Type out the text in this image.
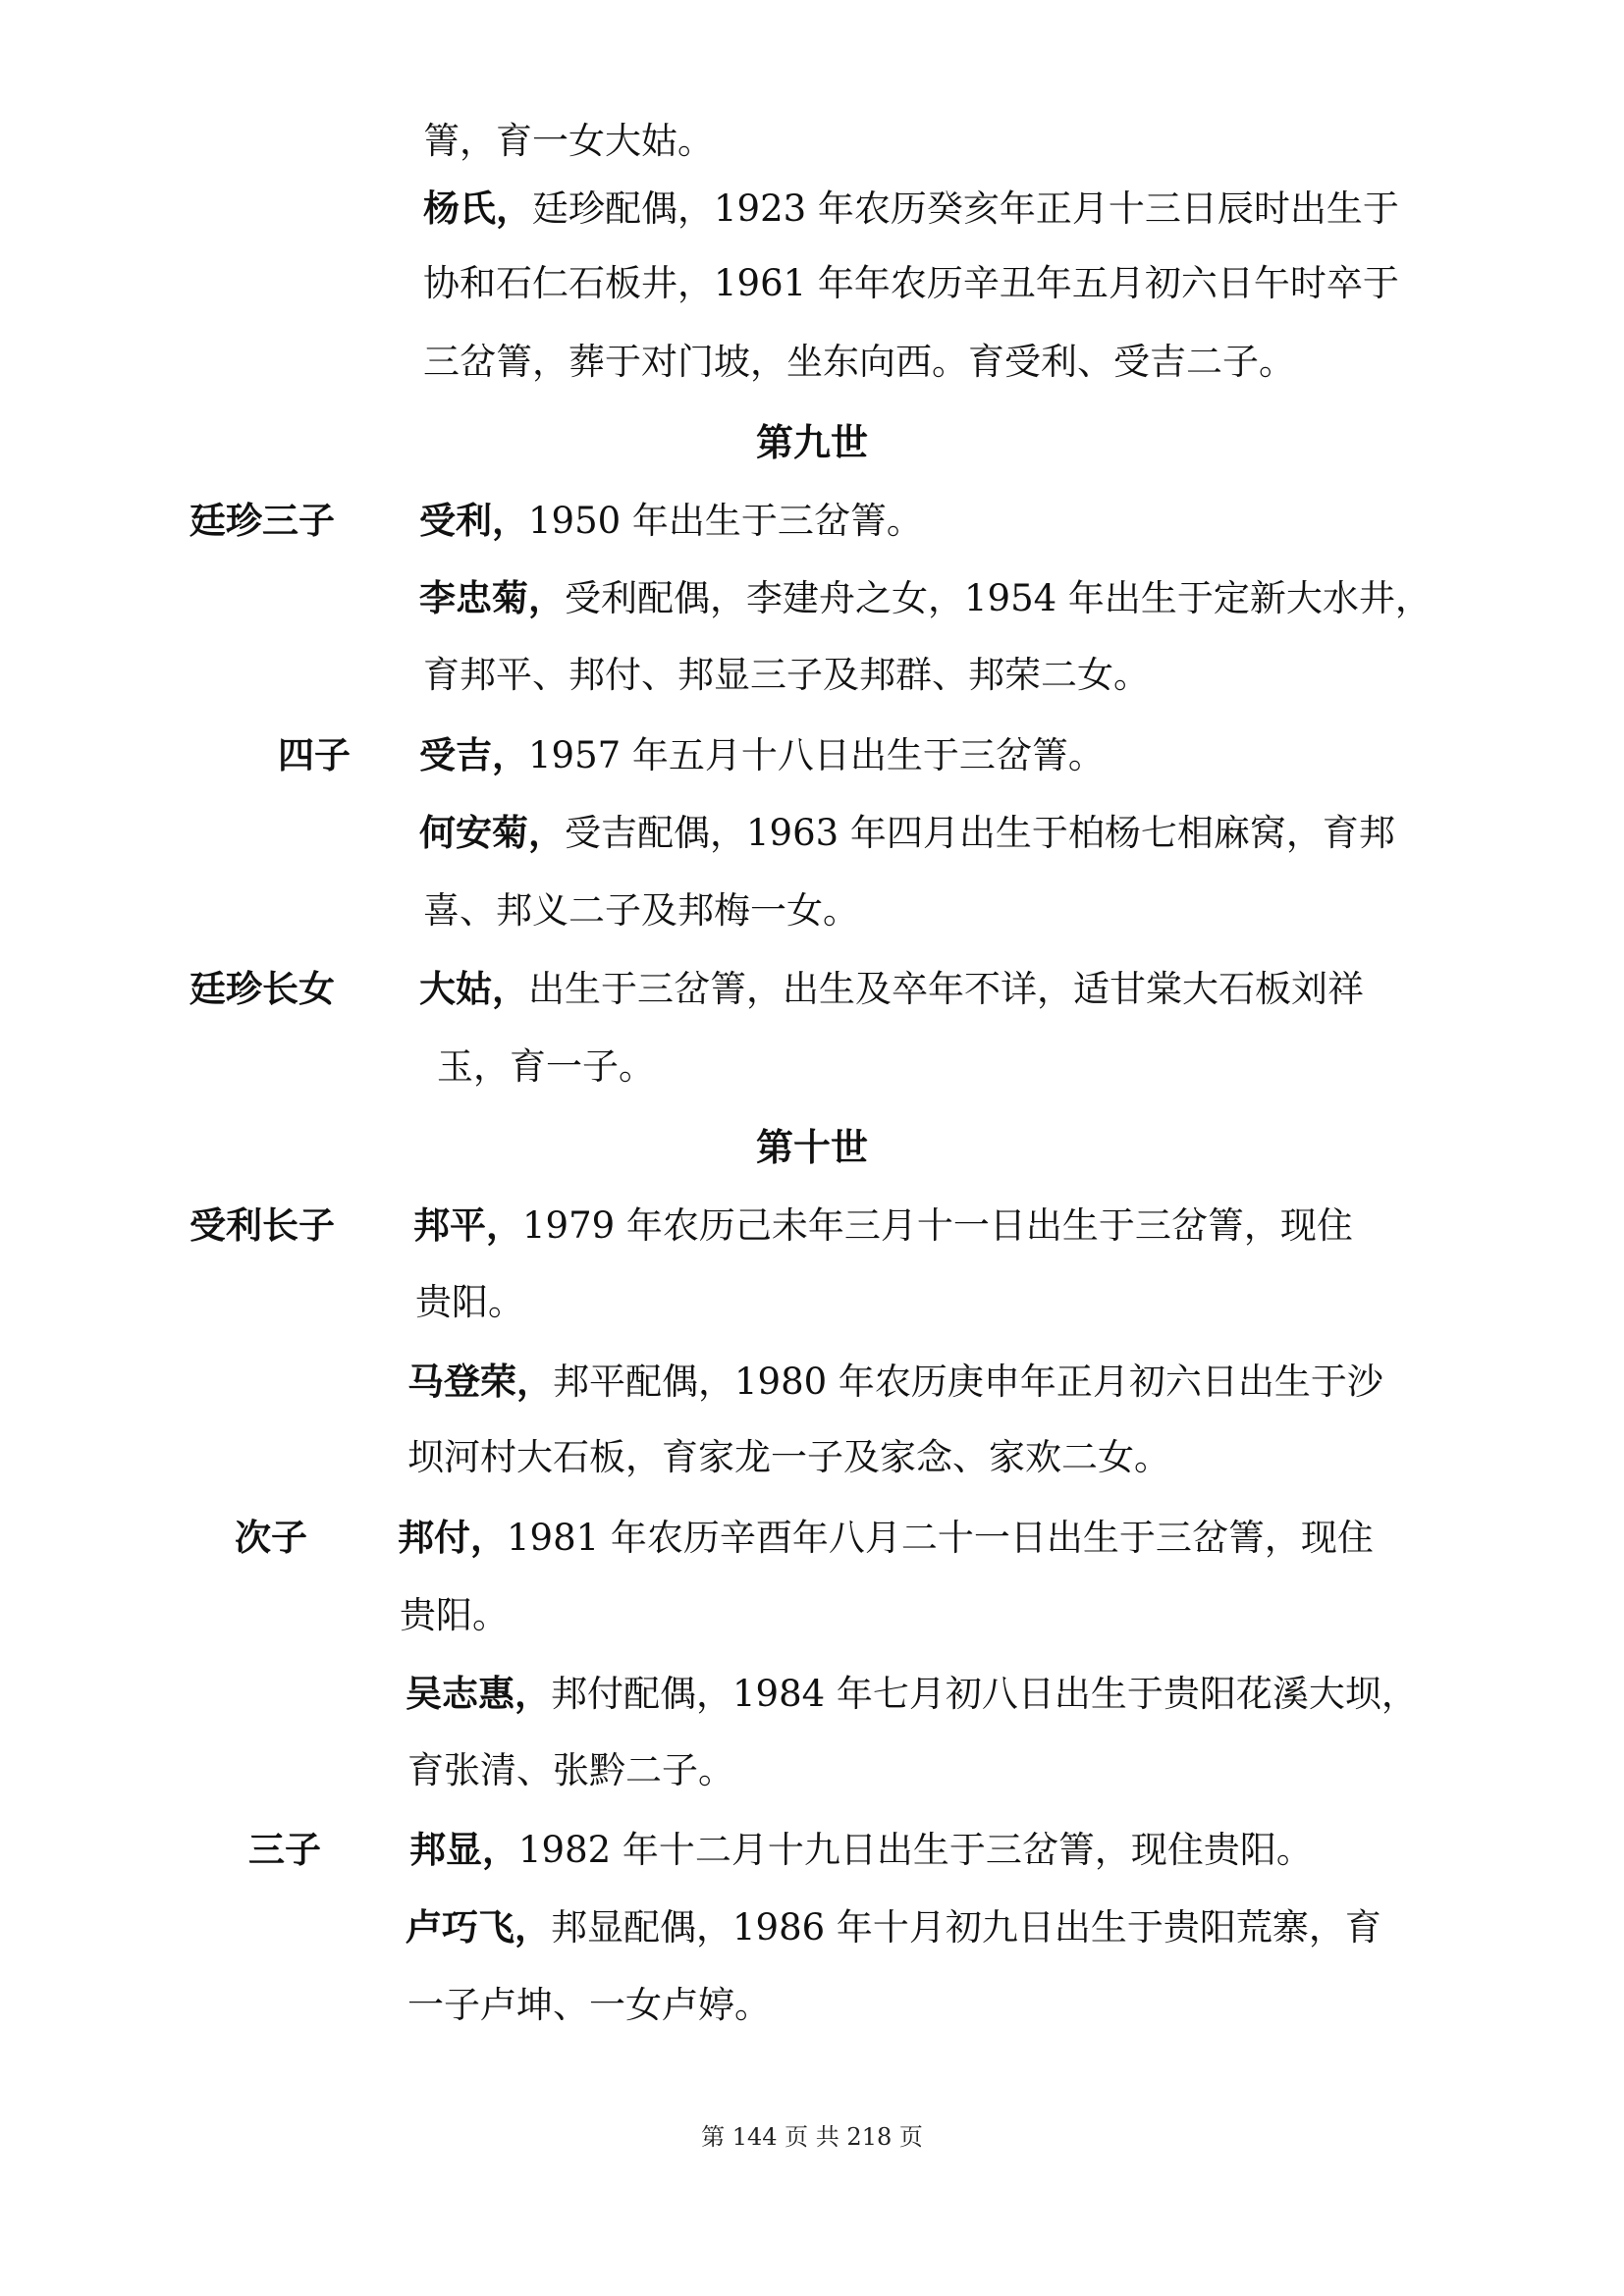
箐，育一女大姑。
杨氏，廷珍配偶，1923 年农历癸亥年正月十三日辰时出生于
协和石仁石板井，1961 年年农历辛丑年五月初六日午时卒于
三岔箐，葬于对门坡，坐东向西。育受利、受吉二子。
第九世
廷珍三子 受利，1950 年出生于三岔箐。
李忠菊，受利配偶，李建舟之女，1954 年出生于定新大水井，
育邦平、邦付、邦显三子及邦群、邦荣二女。
四子 受吉，1957 年五月十八日出生于三岔箐。
何安菊，受吉配偶，1963 年四月出生于柏杨七相麻窝，育邦
喜、邦义二子及邦梅一女。
廷珍长女 大姑，出生于三岔箐，出生及卒年不详，适甘棠大石板刘祥
玉，育一子。
第十世
受利长子 邦平，1979 年农历己未年三月十一日出生于三岔箐，现住
贵阳。
马登荣，邦平配偶，1980 年农历庚申年正月初六日出生于沙
坝河村大石板，育家龙一子及家念、家欢二女。
次子 邦付，1981 年农历辛酉年八月二十一日出生于三岔箐，现住
贵阳。
吴志惠，邦付配偶，1984 年七月初八日出生于贵阳花溪大坝，
育张清、张黔二子。
三子 邦显，1982 年十二月十九日出生于三岔箐，现住贵阳。
卢巧飞，邦显配偶，1986 年十月初九日出生于贵阳荒寨，育
一子卢坤、一女卢婷。
第 144 页 共 218 页
